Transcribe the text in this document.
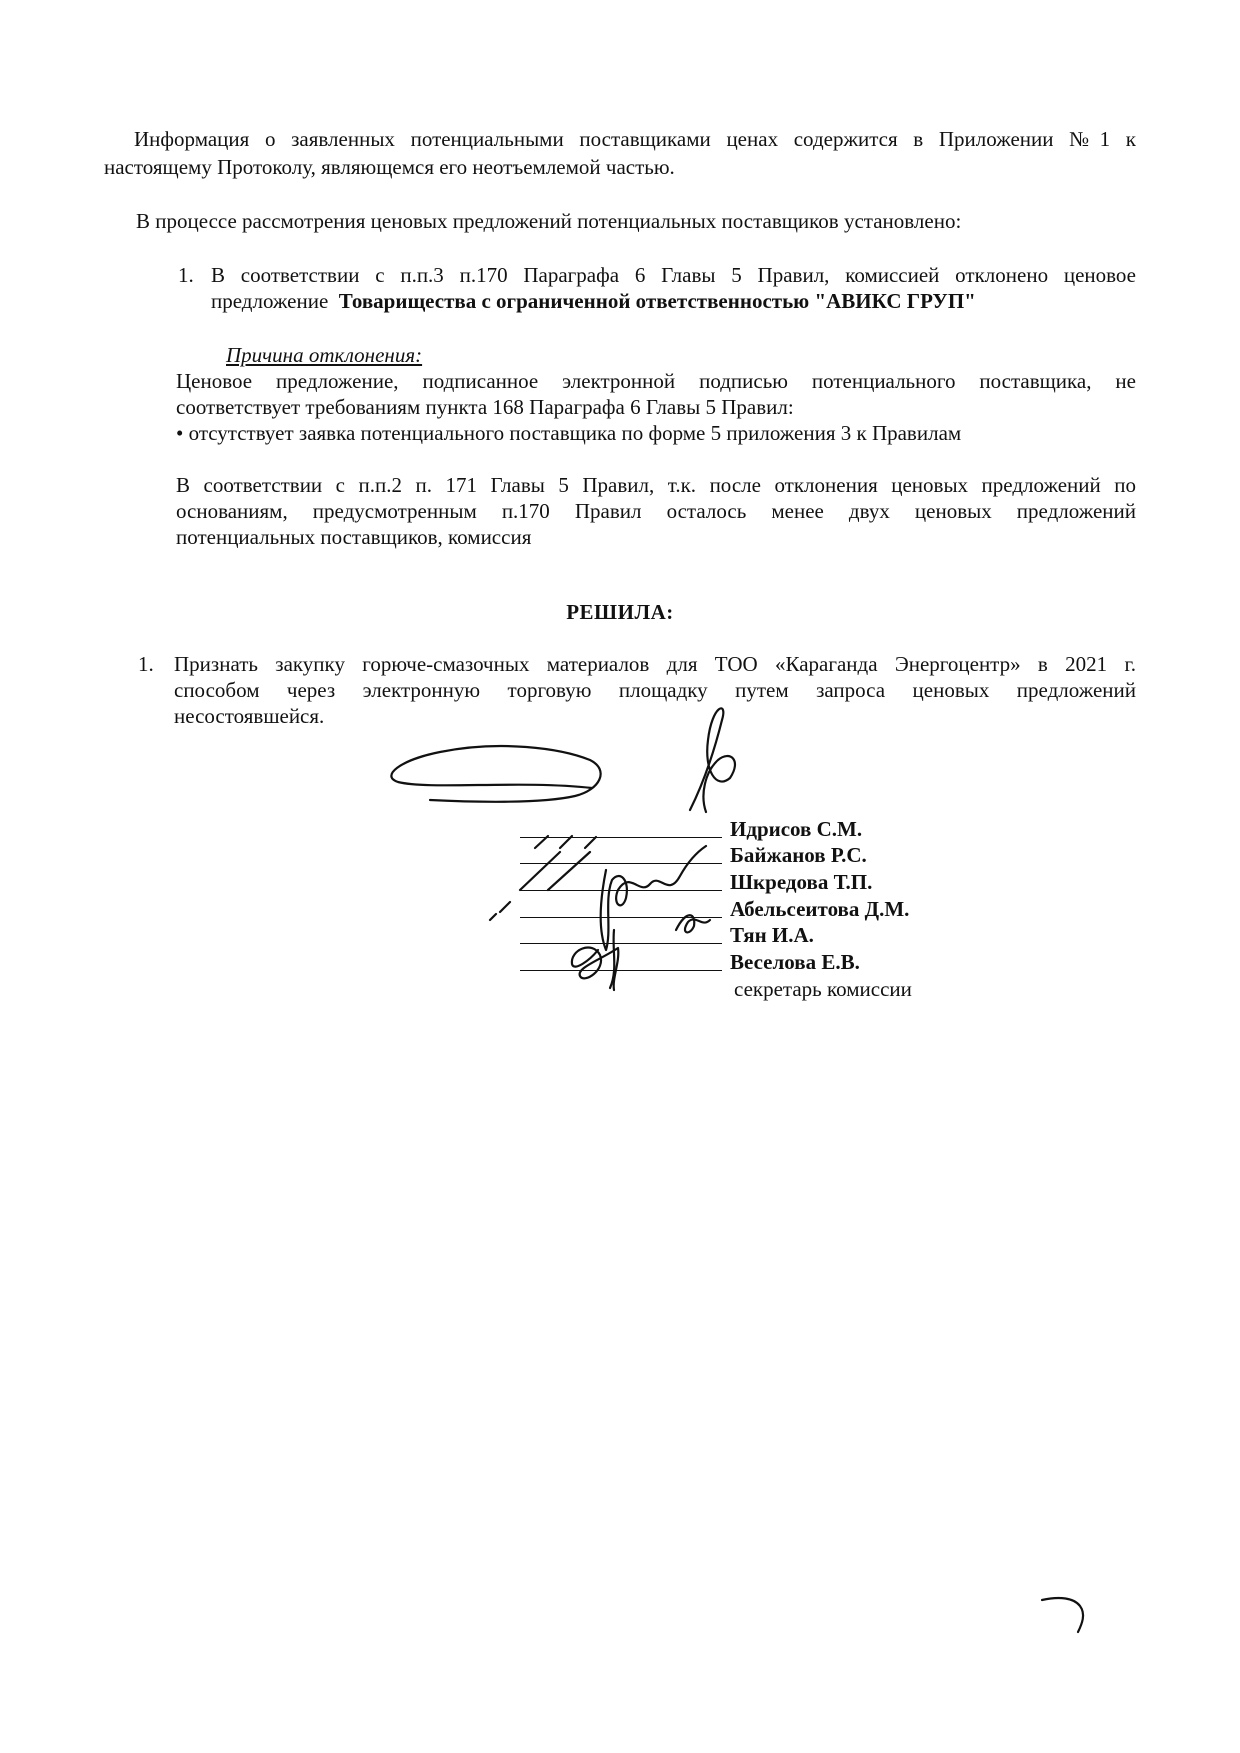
Информация о заявленных потенциальными поставщиками ценах содержится в Приложении №1 к
настоящему Протоколу, являющемся его неотъемлемой частью.
В процессе рассмотрения ценовых предложений потенциальных поставщиков установлено:
1. В соответствии с п.п.3 п.170 Параграфа 6 Главы 5 Правил, комиссией отклонено ценовое
предложение Товарищества с ограниченной ответственностью "АВИКС ГРУП"
Причина отклонения:
Ценовое предложение, подписанное электронной подписью потенциального поставщика, не
соответствует требованиям пункта 168 Параграфа 6 Главы 5 Правил:
• отсутствует заявка потенциального поставщика по форме 5 приложения 3 к Правилам
В соответствии с п.п.2 п. 171 Главы 5 Правил, т.к. после отклонения ценовых предложений по
основаниям, предусмотренным п.170 Правил осталось менее двух ценовых предложений
потенциальных поставщиков, комиссия
РЕШИЛА:
1. Признать закупку горюче-смазочных материалов для ТОО «Караганда Энергоцентр» в 2021 г.
способом через электронную торговую площадку путем запроса ценовых предложений
несостоявшейся.
Идрисов С.М.
Байжанов Р.С.
Шкредова Т.П.
Абельсеитова Д.М.
Тян И.А.
Веселова Е.В.
секретарь комиссии
